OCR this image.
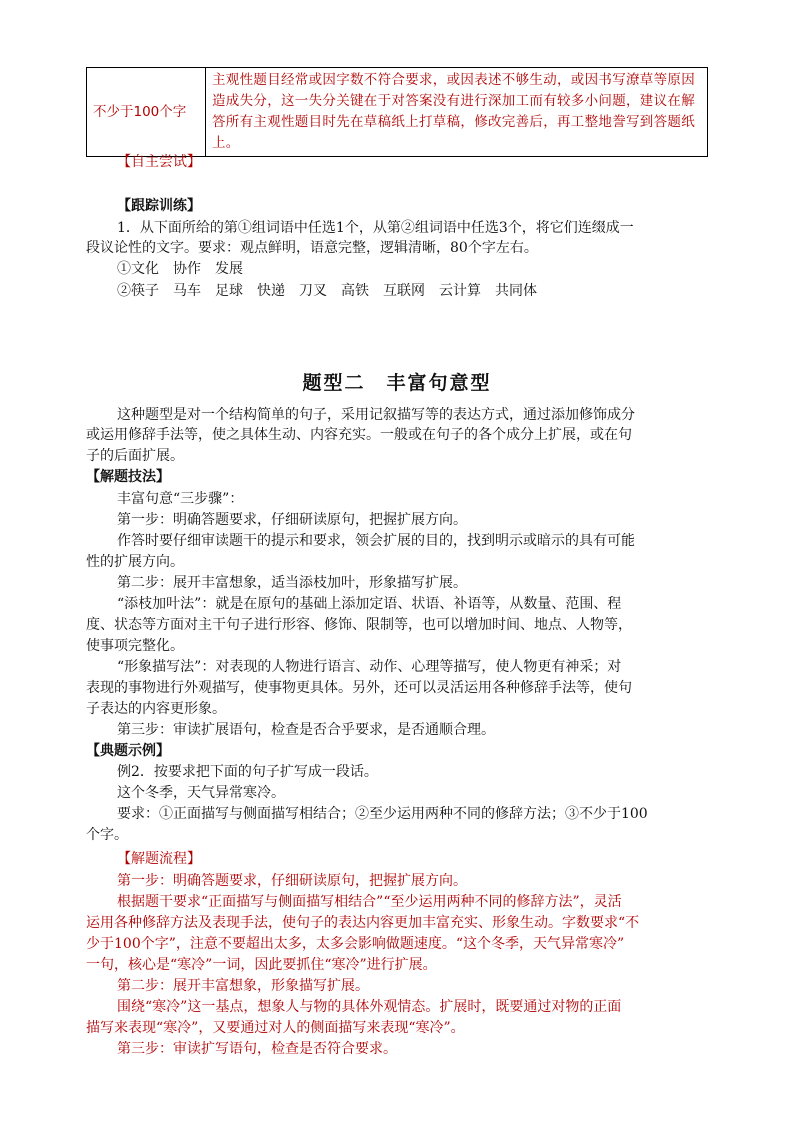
不少于100个字	主观性题目经常或因字数不符合要求，或因表述不够生动，或因书写潦草等原因造成失分，这一失分关键在于对答案没有进行深加工而有较多小问题，建议在解答所有主观性题目时先在草稿纸上打草稿，修改完善后，再工整地誊写到答题纸上。
【自主尝试】
【跟踪训练】
1．从下面所给的第①组词语中任选1个，从第②组词语中任选3个，将它们连缀成一
段议论性的文字。要求：观点鲜明，语意完整，逻辑清晰，80个字左右。
①文化　协作　发展
②筷子　马车　足球　快递　刀叉　高铁　互联网　云计算　共同体
题型二　丰富句意型
这种题型是对一个结构简单的句子，采用记叙描写等的表达方式，通过添加修饰成分
或运用修辞手法等，使之具体生动、内容充实。一般或在句子的各个成分上扩展，或在句
子的后面扩展。
【解题技法】
丰富句意“三步骤”：
第一步：明确答题要求，仔细研读原句，把握扩展方向。
作答时要仔细审读题干的提示和要求，领会扩展的目的，找到明示或暗示的具有可能
性的扩展方向。
第二步：展开丰富想象，适当添枝加叶，形象描写扩展。
“添枝加叶法”：就是在原句的基础上添加定语、状语、补语等，从数量、范围、程
度、状态等方面对主干句子进行形容、修饰、限制等，也可以增加时间、地点、人物等，
使事项完整化。
“形象描写法”：对表现的人物进行语言、动作、心理等描写，使人物更有神采；对
表现的事物进行外观描写，使事物更具体。另外，还可以灵活运用各种修辞手法等，使句
子表达的内容更形象。
第三步：审读扩展语句，检查是否合乎要求，是否通顺合理。
【典题示例】
例2．按要求把下面的句子扩写成一段话。
这个冬季，天气异常寒冷。
要求：①正面描写与侧面描写相结合；②至少运用两种不同的修辞方法；③不少于100
个字。
【解题流程】
第一步：明确答题要求，仔细研读原句，把握扩展方向。
根据题干要求“正面描写与侧面描写相结合”“至少运用两种不同的修辞方法”，灵活
运用各种修辞方法及表现手法，使句子的表达内容更加丰富充实、形象生动。字数要求“不
少于100个字”，注意不要超出太多，太多会影响做题速度。“这个冬季，天气异常寒冷”
一句，核心是“寒冷”一词，因此要抓住“寒冷”进行扩展。
第二步：展开丰富想象，形象描写扩展。
围绕“寒冷”这一基点，想象人与物的具体外观情态。扩展时，既要通过对物的正面
描写来表现“寒冷”，又要通过对人的侧面描写来表现“寒冷”。
第三步：审读扩写语句，检查是否符合要求。
